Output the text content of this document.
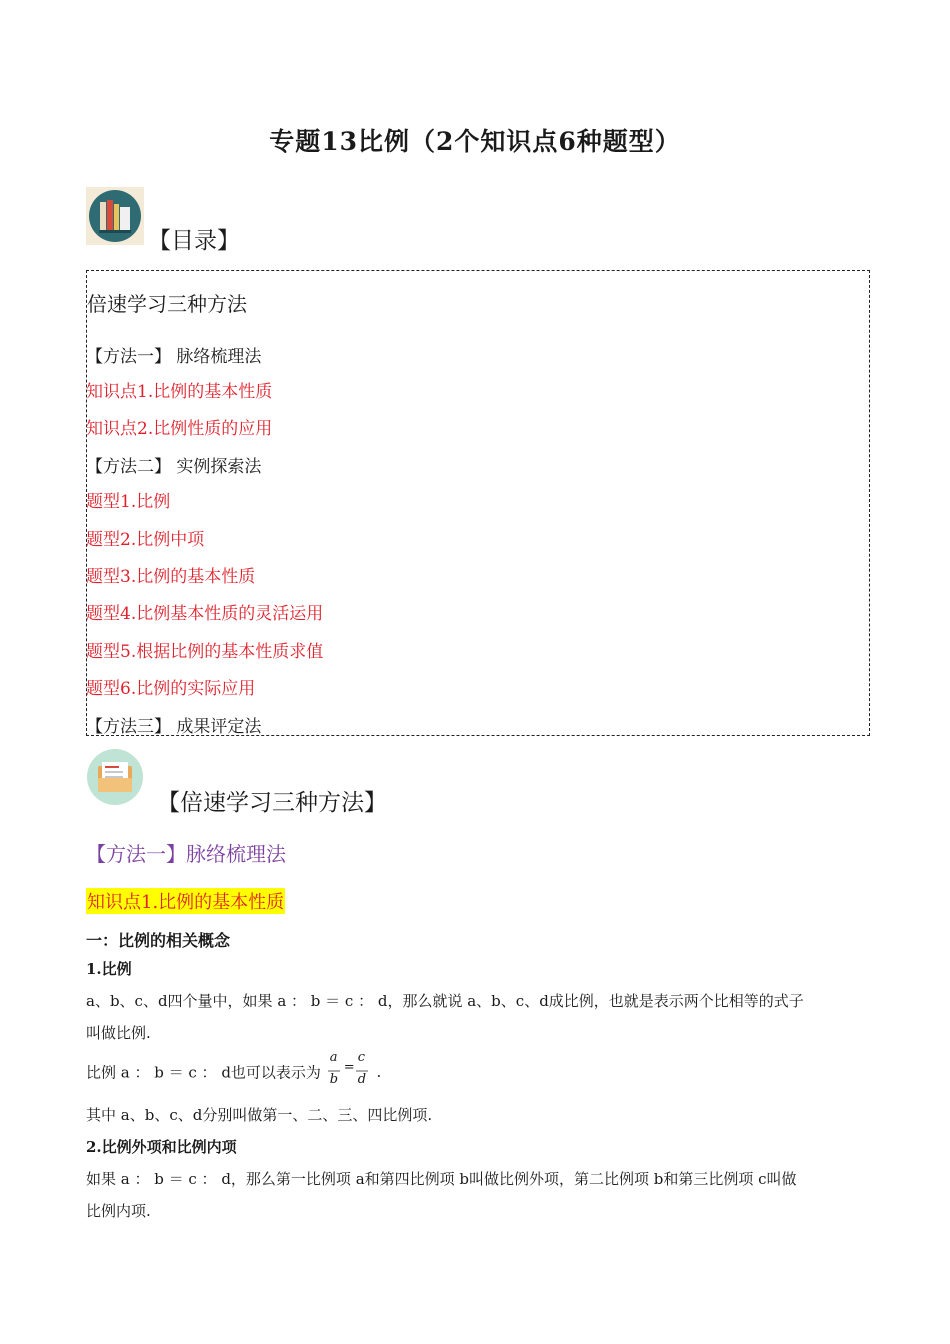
专题13比例（2个知识点6种题型）
【目录】
倍速学习三种方法
【方法一】 脉络梳理法
知识点1.比例的基本性质
知识点2.比例性质的应用
【方法二】 实例探索法
题型1.比例
题型2.比例中项
题型3.比例的基本性质
题型4.比例基本性质的灵活运用
题型5.根据比例的基本性质求值
题型6.比例的实际应用
【方法三】 成果评定法
【倍速学习三种方法】
【方法一】脉络梳理法
知识点1.比例的基本性质
一：比例的相关概念
1.比例
a、b、c、d四个量中，如果 a ： b ＝ c ： d，那么就说 a、b、c、d成比例，也就是表示两个比相等的式子
叫做比例.
比例 a ： b ＝ c ： d也可以表示为
a
b
=
c
d .
其中 a、b、c、d分别叫做第一、二、三、四比例项.
2.比例外项和比例内项
如果 a ： b ＝ c ： d，那么第一比例项 a和第四比例项 b叫做比例外项，第二比例项 b和第三比例项 c叫做
比例内项.
